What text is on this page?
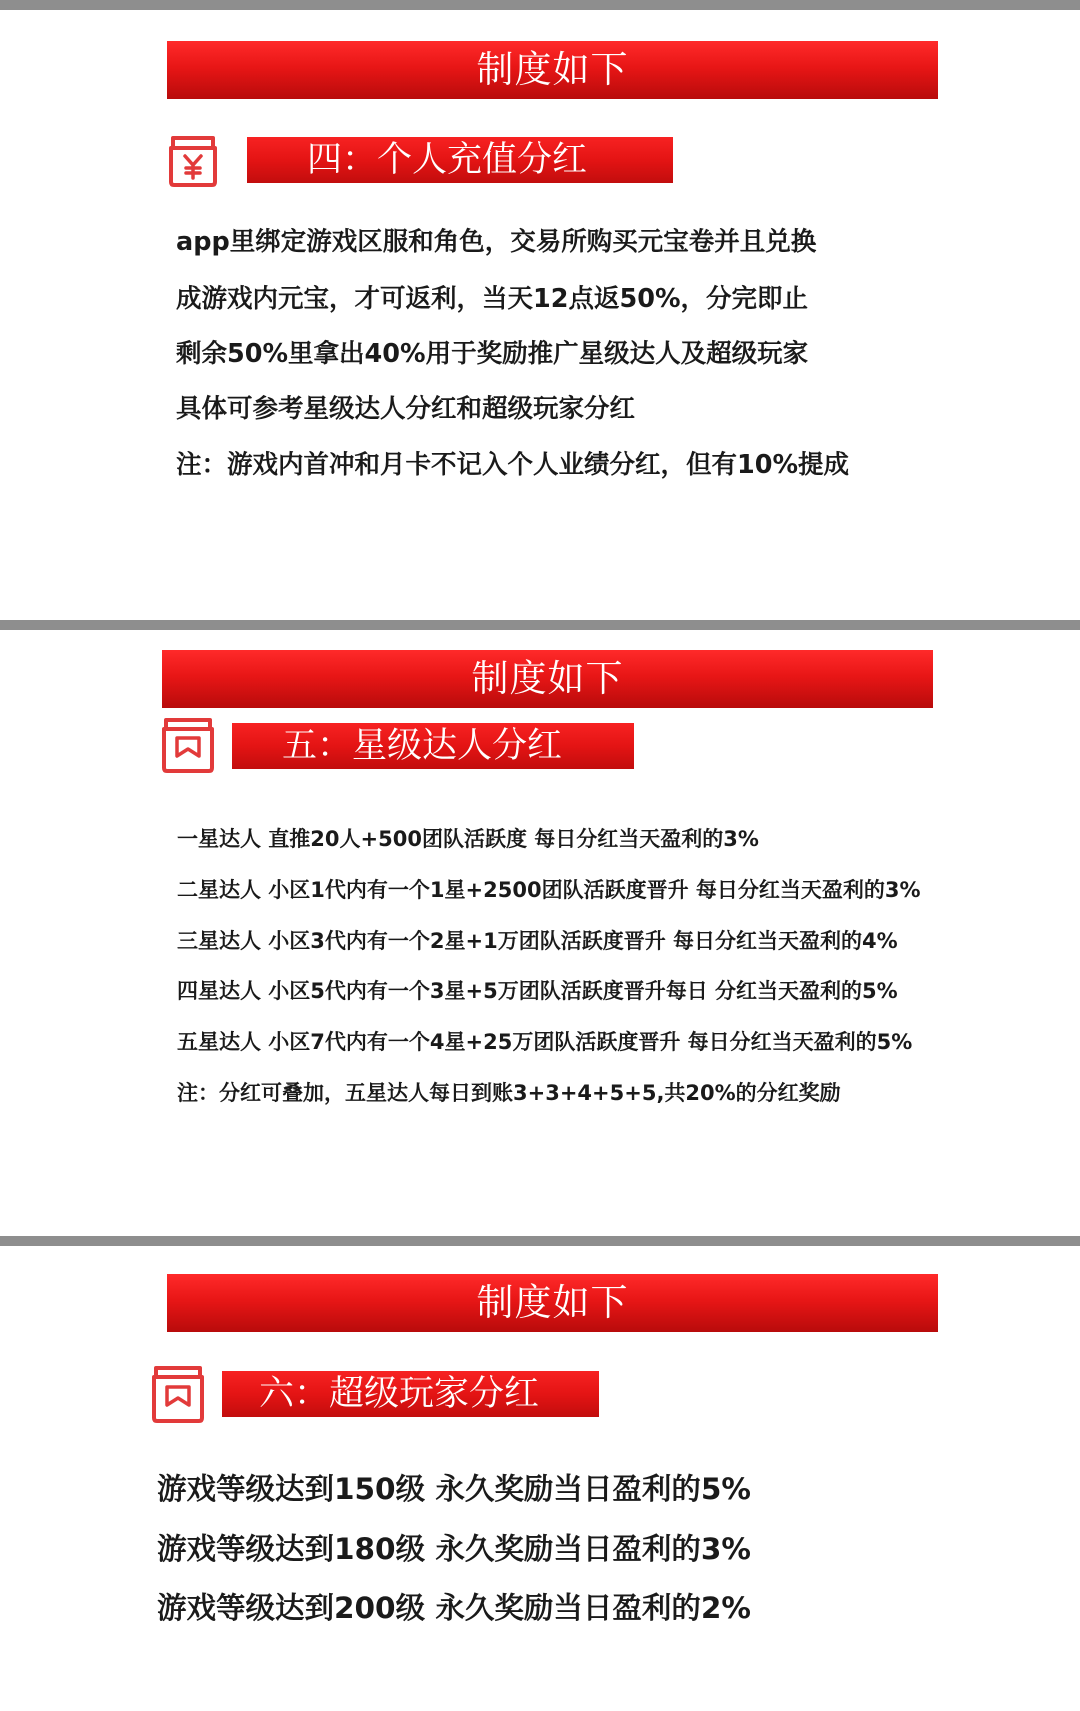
制度如下
四：个人充值分红
app里绑定游戏区服和角色，交易所购买元宝卷并且兑换
成游戏内元宝，才可返利，当天12点返50%，分完即止
剩余50%里拿出40%用于奖励推广星级达人及超级玩家
具体可参考星级达人分红和超级玩家分红
注：游戏内首冲和月卡不记入个人业绩分红，但有10%提成
制度如下
五：星级达人分红
一星达人 直推20人+500团队活跃度 每日分红当天盈利的3%
二星达人 小区1代内有一个1星+2500团队活跃度晋升 每日分红当天盈利的3%
三星达人 小区3代内有一个2星+1万团队活跃度晋升 每日分红当天盈利的4%
四星达人 小区5代内有一个3星+5万团队活跃度晋升每日 分红当天盈利的5%
五星达人 小区7代内有一个4星+25万团队活跃度晋升 每日分红当天盈利的5%
注：分红可叠加，五星达人每日到账3+3+4+5+5,共20%的分红奖励
制度如下
六：超级玩家分红
游戏等级达到150级 永久奖励当日盈利的5%
游戏等级达到180级 永久奖励当日盈利的3%
游戏等级达到200级 永久奖励当日盈利的2%
